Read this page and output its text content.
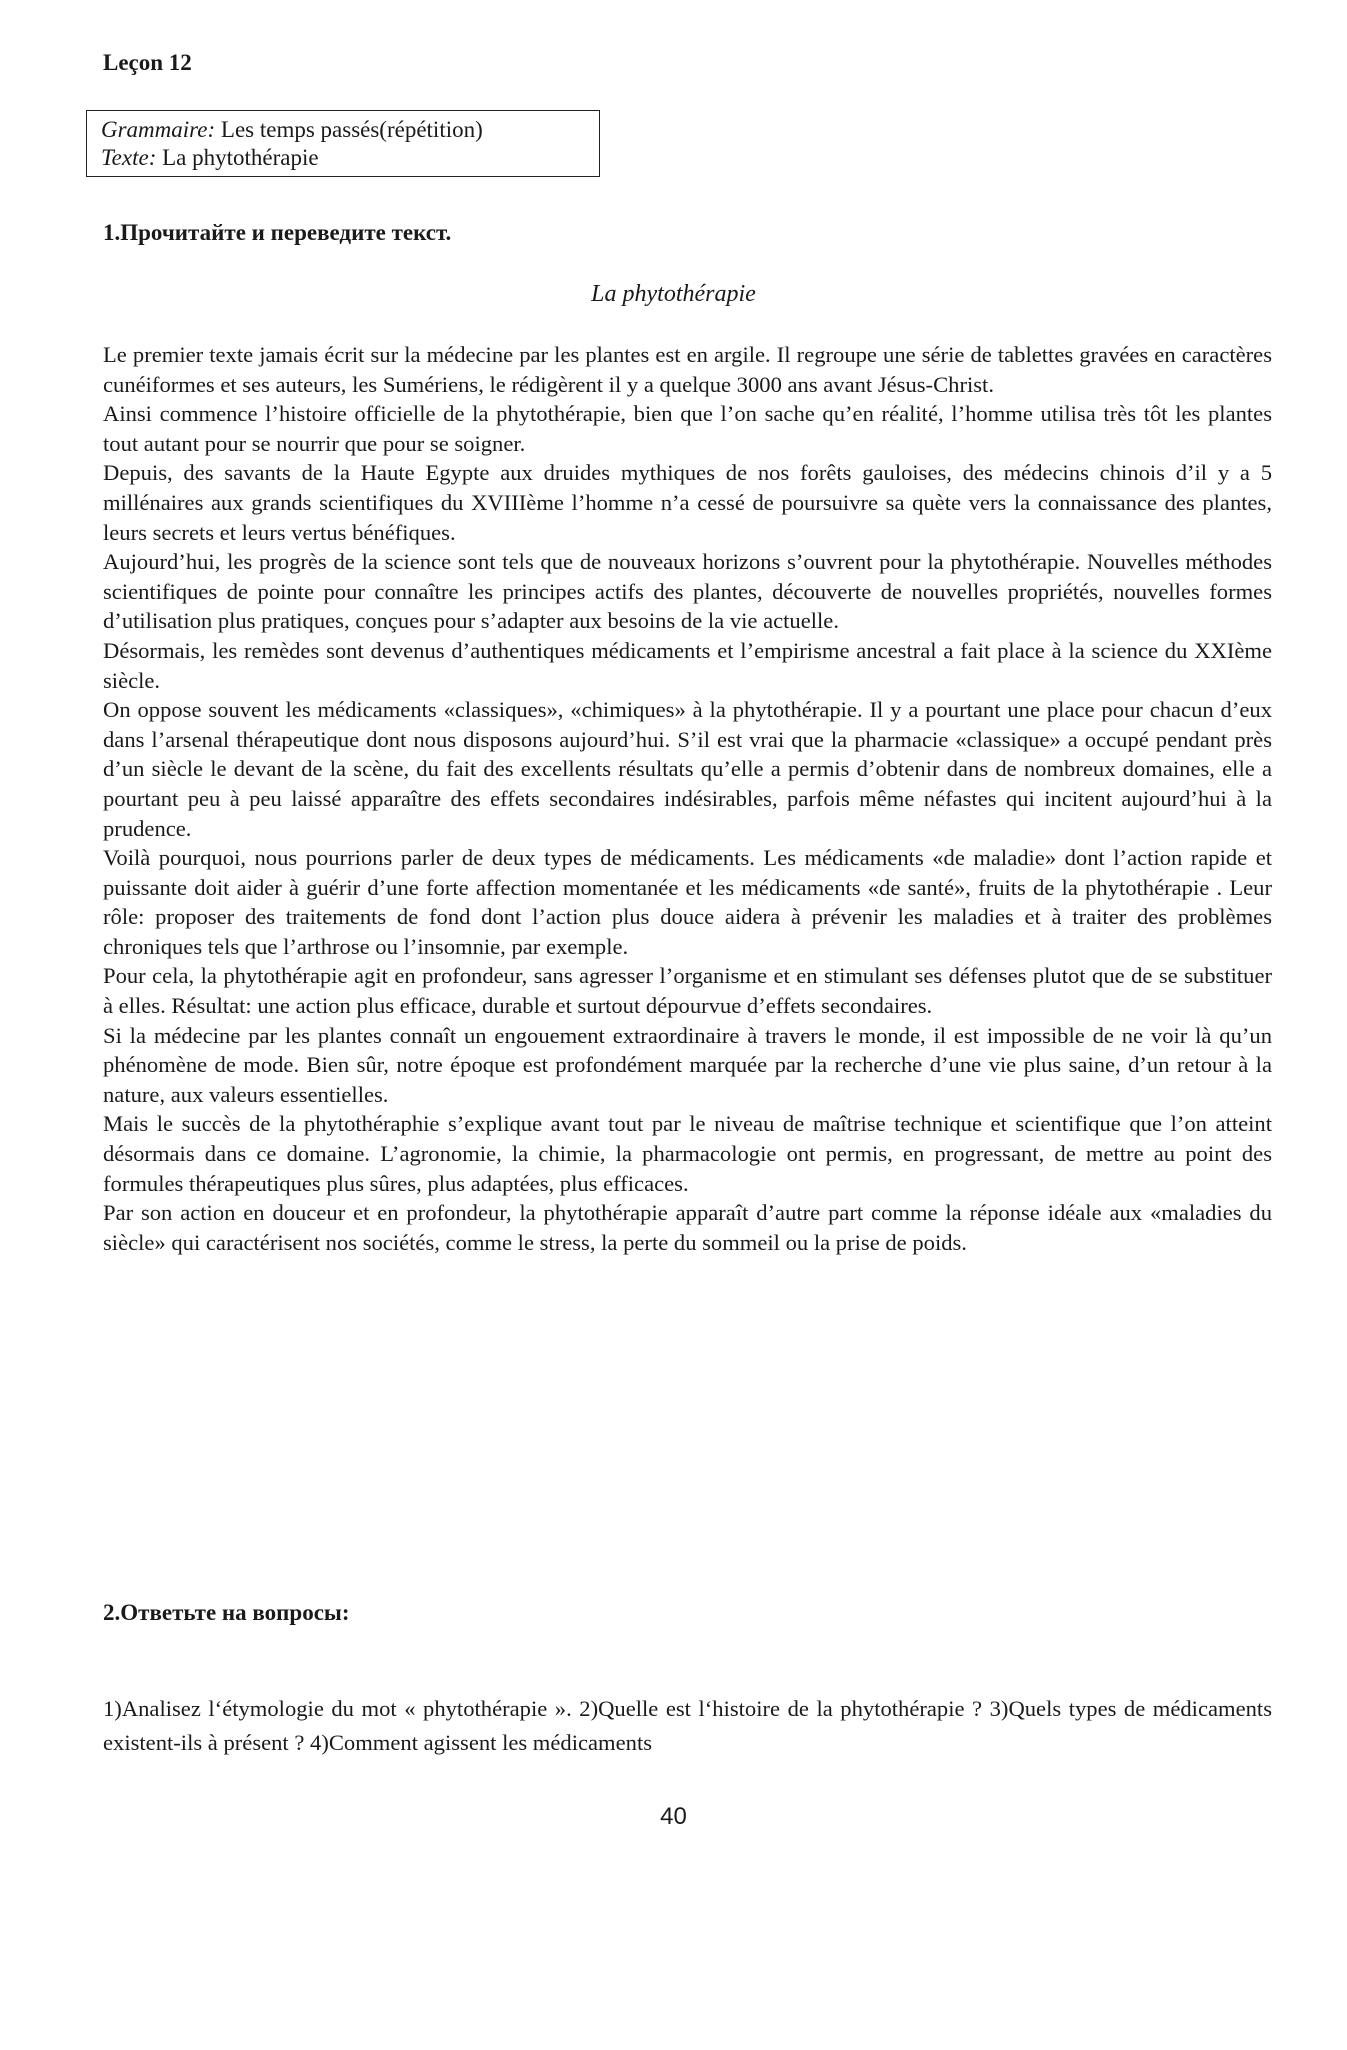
Leçon 12
Grammaire: Les temps passés(répétition)
Texte: La phytothérapie
1.Прочитайте и переведите текст.
La phytothérapie

Le premier texte jamais écrit sur la médecine par les plantes est en argile. Il regroupe une série de tablettes gravées en caractères cunéiformes et ses auteurs, les Sumériens, le rédigèrent il y a quelque 3000 ans avant Jésus-Christ.

Ainsi commence l’histoire officielle de la phytothérapie, bien que l’on sache qu’en réalité, l’homme utilisa très tôt les plantes tout autant pour se nourrir que pour se soigner.

Depuis, des savants de la Haute Egypte aux druides mythiques de nos forêts gauloises, des médecins chinois d’il y a 5 millénaires aux grands scientifiques du XVIIIème l’homme n’a cessé de poursuivre sa quète vers la connaissance des plantes, leurs secrets et leurs vertus bénéfiques.

Aujourd’hui, les progrès de la science sont tels que de nouveaux horizons s’ouvrent pour la phytothérapie. Nouvelles méthodes scientifiques de pointe pour connaître les principes actifs des plantes, découverte de nouvelles propriétés, nouvelles formes d’utilisation plus pratiques, conçues pour s’adapter aux besoins de la vie actuelle.

Désormais, les remèdes sont devenus d’authentiques médicaments et l’empirisme ancestral a fait place à la science du XXIème siècle.

On oppose souvent les médicaments «classiques», «chimiques» à la phytothérapie. Il y a pourtant une place pour chacun d’eux dans l’arsenal thérapeutique dont nous disposons aujourd’hui. S’il est vrai que la pharmacie «classique» a occupé pendant près d’un siècle le devant de la scène, du fait des excellents résultats qu’elle a permis d’obtenir dans de nombreux domaines, elle a pourtant peu à peu laissé apparaître des effets secondaires indésirables, parfois même néfastes qui incitent aujourd’hui à la prudence.

Voilà pourquoi, nous pourrions parler de deux types de médicaments. Les médicaments «de maladie» dont l’action rapide et puissante doit aider à guérir d’une forte affection momentanée et les médicaments «de santé», fruits de la phytothérapie . Leur rôle: proposer des traitements de fond dont l’action plus douce aidera à prévenir les maladies et à traiter des problèmes chroniques tels que l’arthrose ou l’insomnie, par exemple.

Pour cela, la phytothérapie agit en profondeur, sans agresser l’organisme et en stimulant ses défenses plutot que de se substituer à elles. Résultat: une action plus efficace, durable et surtout dépourvue d’effets secondaires.

Si la médecine par les plantes connaît un engouement extraordinaire à travers le monde, il est impossible de ne voir là qu’un phénomène de mode. Bien sûr, notre époque est profondément marquée par la recherche d’une vie plus saine, d’un retour à la nature, aux valeurs essentielles.

Mais le succès de la phytothéraphie s’explique avant tout par le niveau de maîtrise technique et scientifique que l’on atteint désormais dans ce domaine. L’agronomie, la chimie, la pharmacologie ont permis, en progressant, de mettre au point des formules thérapeutiques plus sûres, plus adaptées, plus efficaces.

Par son action en douceur et en profondeur, la phytothérapie apparaît d’autre part comme la réponse idéale aux «maladies du siècle» qui caractérisent nos sociétés, comme le stress, la perte du sommeil ou la prise de poids.

2.Ответьте на вопросы:
1)Analisez l‘étymologie du mot « phytothérapie ». 2)Quelle est l‘histoire de la phytothérapie ? 3)Quels types de médicaments existent-ils à présent ? 4)Comment agissent les médicaments
40
